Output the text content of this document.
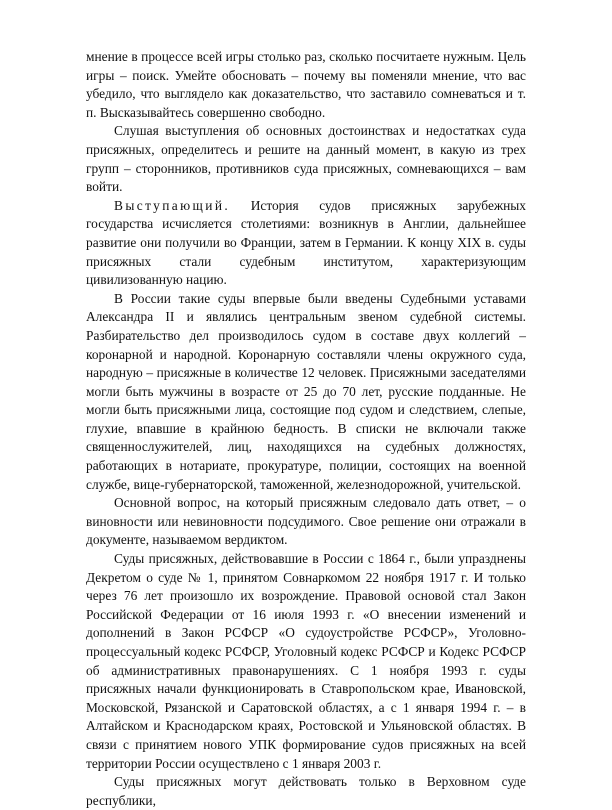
мнение в процессе всей игры столько раз, сколько посчитаете нужным. Цель игры – поиск. Умейте обосновать – почему вы поменяли мнение, что вас убедило, что выглядело как доказательство, что заставило сомневаться и т. п. Высказывайтесь совершенно свободно.

Слушая выступления об основных достоинствах и недостатках суда присяжных, определитесь и решите на данный момент, в какую из трех групп – сторонников, противников суда присяжных, сомневающихся – вам войти.

Выступающий. История судов присяжных зарубежных государства исчисляется столетиями: возникнув в Англии, дальнейшее развитие они получили во Франции, затем в Германии. К концу XIX в. суды присяжных стали судебным институтом, характеризующим цивилизованную нацию.

В России такие суды впервые были введены Судебными уставами Александра II и являлись центральным звеном судебной системы. Разбирательство дел производилось судом в составе двух коллегий – коронарной и народной. Коронарную составляли члены окружного суда, народную – присяжные в количестве 12 человек. Присяжными заседателями могли быть мужчины в возрасте от 25 до 70 лет, русские подданные. Не могли быть присяжными лица, состоящие под судом и следствием, слепые, глухие, впавшие в крайнюю бедность. В списки не включали также священнослужителей, лиц, находящихся на судебных должностях, работающих в нотариате, прокуратуре, полиции, состоящих на военной службе, вице-губернаторской, таможенной, железнодорожной, учительской.

Основной вопрос, на который присяжным следовало дать ответ, – о виновности или невиновности подсудимого. Свое решение они отражали в документе, называемом вердиктом.

Суды присяжных, действовавшие в России с 1864 г., были упразднены Декретом о суде № 1, принятом Совнаркомом 22 ноября 1917 г. И только через 76 лет произошло их возрождение. Правовой основой стал Закон Российской Федерации от 16 июля 1993 г. «О внесении изменений и дополнений в Закон РСФСР «О судоустройстве РСФСР», Уголовно-процессуальный кодекс РСФСР, Уголовный кодекс РСФСР и Кодекс РСФСР об административных правонарушениях. С 1 ноября 1993 г. суды присяжных начали функционировать в Ставропольском крае, Ивановской, Московской, Рязанской и Саратовской областях, а с 1 января 1994 г. – в Алтайском и Краснодарском краях, Ростовской и Ульяновской областях. В связи с принятием нового УПК формирование судов присяжных на всей территории России осуществлено с 1 января 2003 г.

Суды присяжных могут действовать только в Верховном суде республики,
